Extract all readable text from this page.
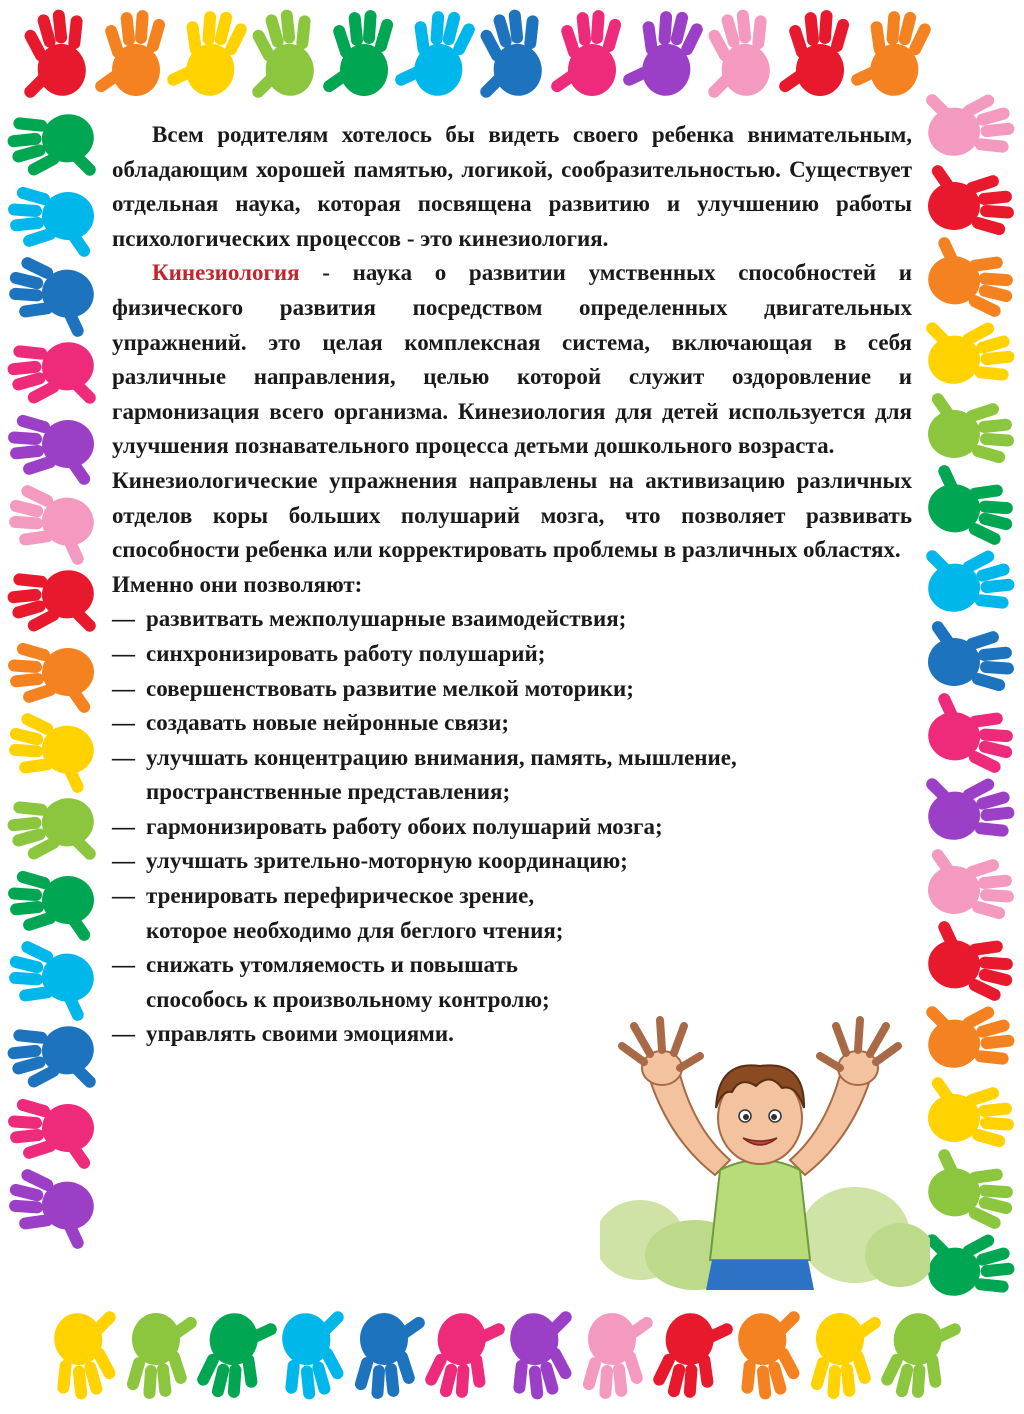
Всем родителям хотелось бы видеть своего ребенка внимательным, обладающим хорошей памятью, логикой, сообразительностью. Существует отдельная наука, которая посвящена развитию и улучшению работы психологических процессов - это кинезиология.

Кинезиология - наука о развитии умственных способностей и физического развития посредством определенных двигательных упражнений. это целая комплексная система, включающая в себя различные направления, целью которой служит оздоровление и гармонизация всего организма. Кинезиология для детей используется для улучшения познавательного процесса детьми дошкольного возраста.

Кинезиологические упражнения направлены на активизацию различных отделов коры больших полушарий мозга, что позволяет развивать способности ребенка или корректировать проблемы в различных областях.

Именно они позволяют:

— развитвать межполушарные взаимодействия;
— синхронизировать работу полушарий;
— совершенствовать развитие мелкой моторики;
— создавать новые нейронные связи;
— улучшать концентрацию внимания, память, мышление, пространственные представления;
— гармонизировать работу обоих полушарий мозга;
— улучшать зрительно-моторную координацию;
— тренировать перефирическое зрение, которое необходимо для беглого чтения;
— снижать утомляемость и повышать способось к произвольному контролю;
— управлять своими эмоциями.
